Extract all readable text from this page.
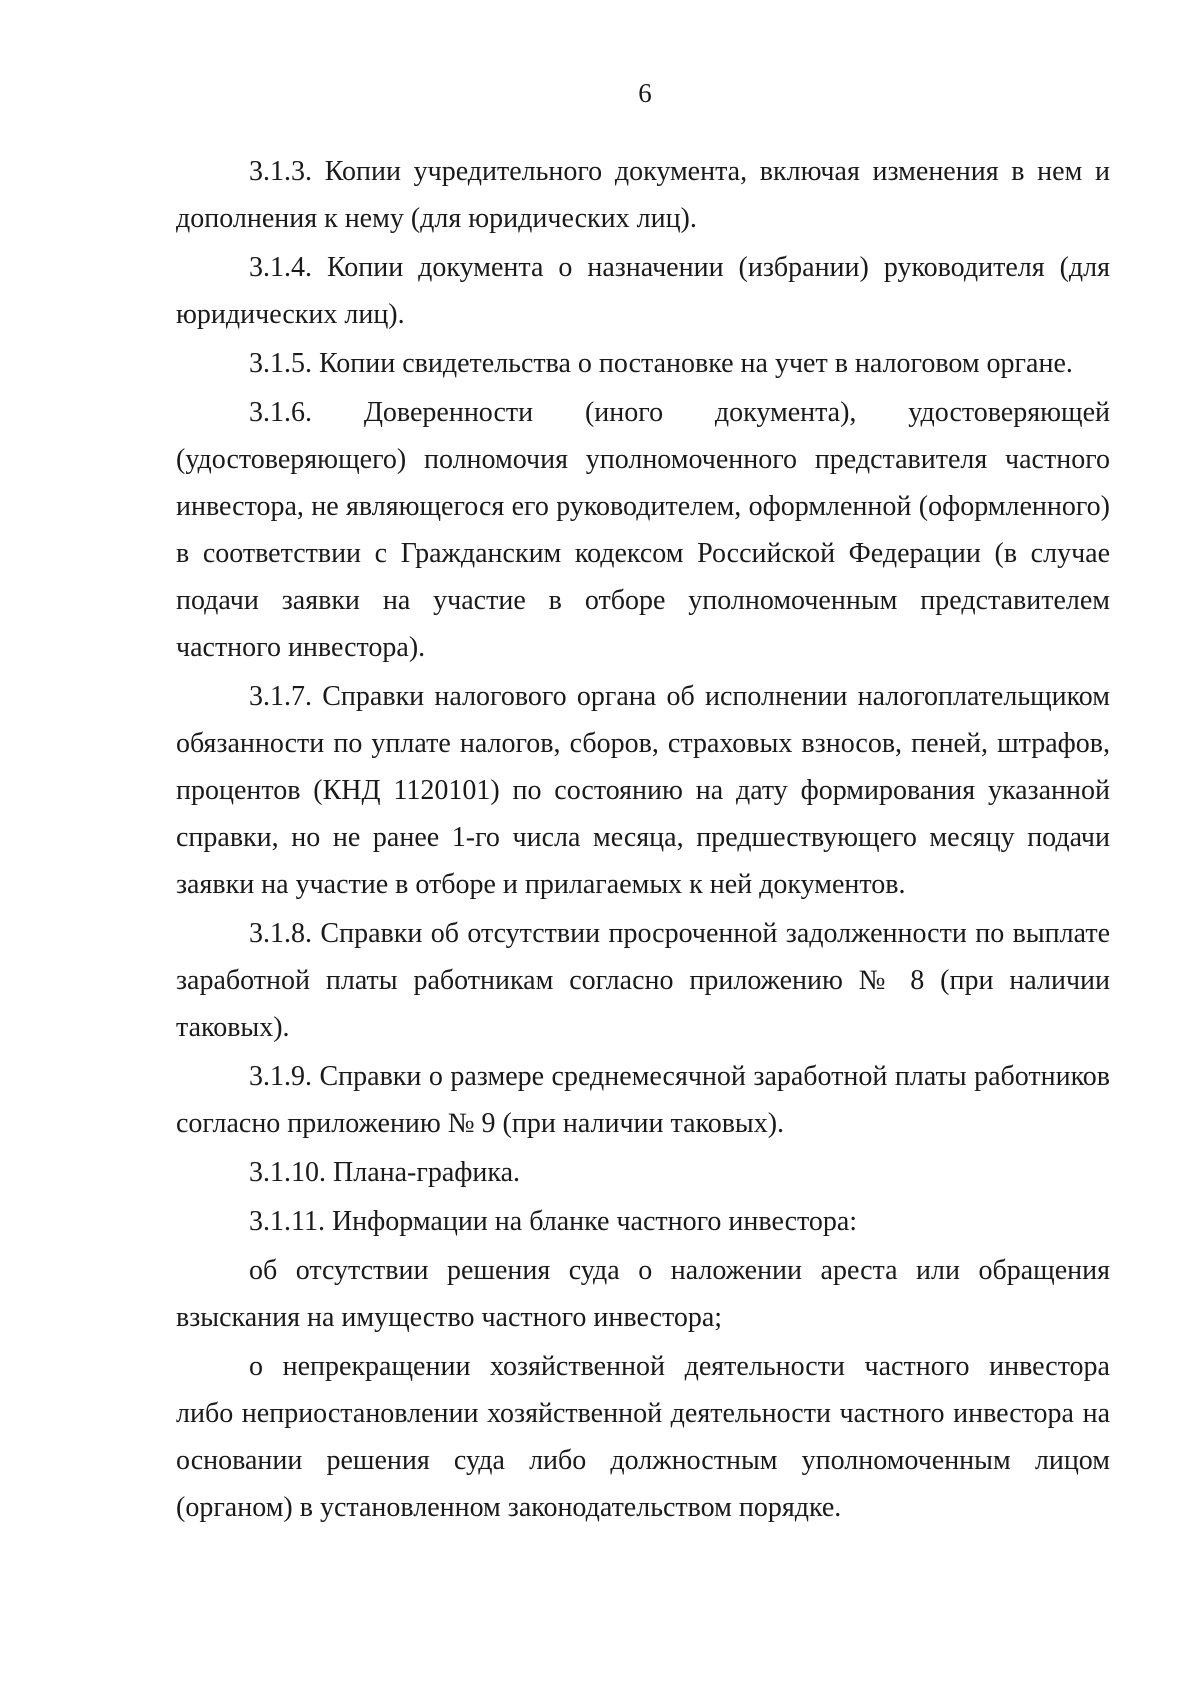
6

3.1.3. Копии учредительного документа, включая изменения в нем и дополнения к нему (для юридических лиц).

3.1.4. Копии документа о назначении (избрании) руководителя (для юридических лиц).

3.1.5. Копии свидетельства о постановке на учет в налоговом органе.

3.1.6. Доверенности (иного документа), удостоверяющей (удостоверяющего) полномочия уполномоченного представителя частного инвестора, не являющегося его руководителем, оформленной (оформленного) в соответствии с Гражданским кодексом Российской Федерации (в случае подачи заявки на участие в отборе уполномоченным представителем частного инвестора).

3.1.7. Справки налогового органа об исполнении налогоплательщиком обязанности по уплате налогов, сборов, страховых взносов, пеней, штрафов, процентов (КНД 1120101) по состоянию на дату формирования указанной справки, но не ранее 1-го числа месяца, предшествующего месяцу подачи заявки на участие в отборе и прилагаемых к ней документов.

3.1.8. Справки об отсутствии просроченной задолженности по выплате заработной платы работникам согласно приложению № 8 (при наличии таковых).

3.1.9. Справки о размере среднемесячной заработной платы работников согласно приложению № 9 (при наличии таковых).

3.1.10. Плана-графика.

3.1.11. Информации на бланке частного инвестора:

об отсутствии решения суда о наложении ареста или обращения взыскания на имущество частного инвестора;

о непрекращении хозяйственной деятельности частного инвестора либо неприостановлении хозяйственной деятельности частного инвестора на основании решения суда либо должностным уполномоченным лицом (органом) в установленном законодательством порядке.
